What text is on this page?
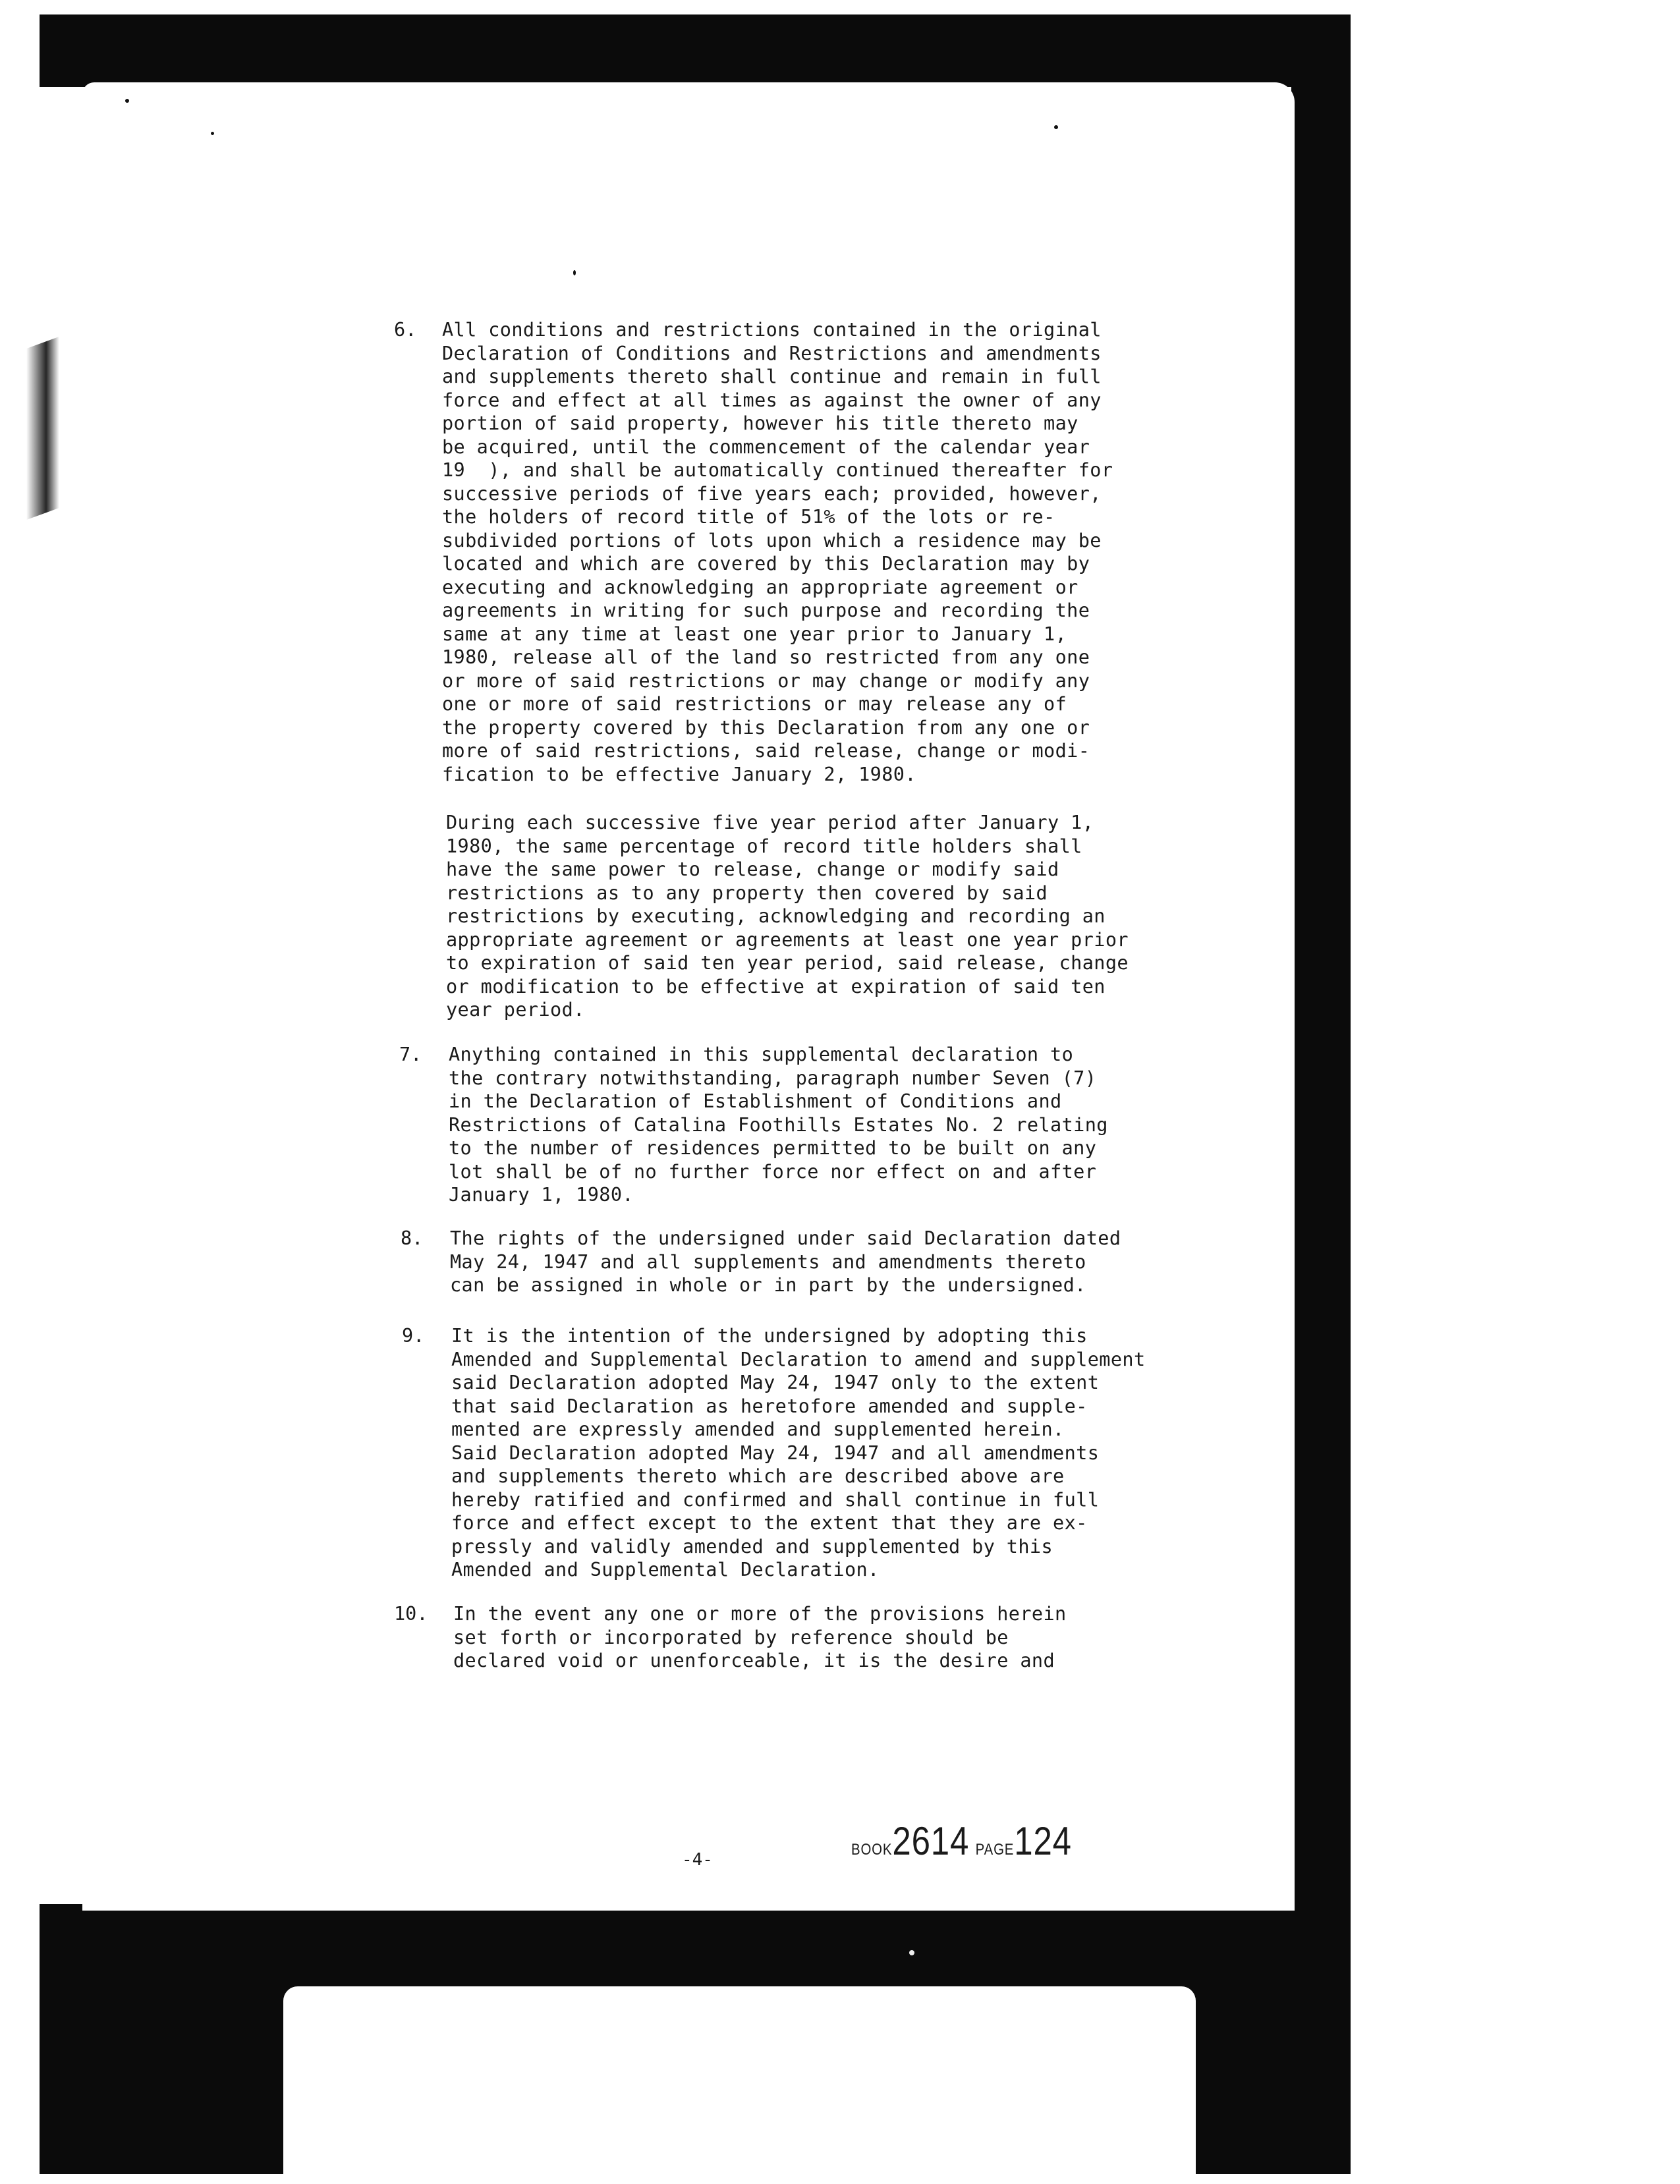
6. All conditions and restrictions contained in the original
Declaration of Conditions and Restrictions and amendments
and supplements thereto shall continue and remain in full
force and effect at all times as against the owner of any
portion of said property, however his title thereto may
be acquired, until the commencement of the calendar year
19  ), and shall be automatically continued thereafter for
successive periods of five years each; provided, however,
the holders of record title of 51% of the lots or re-
subdivided portions of lots upon which a residence may be
located and which are covered by this Declaration may by
executing and acknowledging an appropriate agreement or
agreements in writing for such purpose and recording the
same at any time at least one year prior to January 1,
1980, release all of the land so restricted from any one
or more of said restrictions or may change or modify any
one or more of said restrictions or may release any of
the property covered by this Declaration from any one or
more of said restrictions, said release, change or modi-
fication to be effective January 2, 1980.
During each successive five year period after January 1,
1980, the same percentage of record title holders shall
have the same power to release, change or modify said
restrictions as to any property then covered by said
restrictions by executing, acknowledging and recording an
appropriate agreement or agreements at least one year prior
to expiration of said ten year period, said release, change
or modification to be effective at expiration of said ten
year period.
7. Anything contained in this supplemental declaration to
the contrary notwithstanding, paragraph number Seven (7)
in the Declaration of Establishment of Conditions and
Restrictions of Catalina Foothills Estates No. 2 relating
to the number of residences permitted to be built on any
lot shall be of no further force nor effect on and after
January 1, 1980.
8. The rights of the undersigned under said Declaration dated
May 24, 1947 and all supplements and amendments thereto
can be assigned in whole or in part by the undersigned.
9. It is the intention of the undersigned by adopting this
Amended and Supplemental Declaration to amend and supplement
said Declaration adopted May 24, 1947 only to the extent
that said Declaration as heretofore amended and supple-
mented are expressly amended and supplemented herein.
Said Declaration adopted May 24, 1947 and all amendments
and supplements thereto which are described above are
hereby ratified and confirmed and shall continue in full
force and effect except to the extent that they are ex-
pressly and validly amended and supplemented by this
Amended and Supplemental Declaration.
10. In the event any one or more of the provisions herein
set forth or incorporated by reference should be
declared void or unenforceable, it is the desire and
-4-
BOOK2614 PAGE124
